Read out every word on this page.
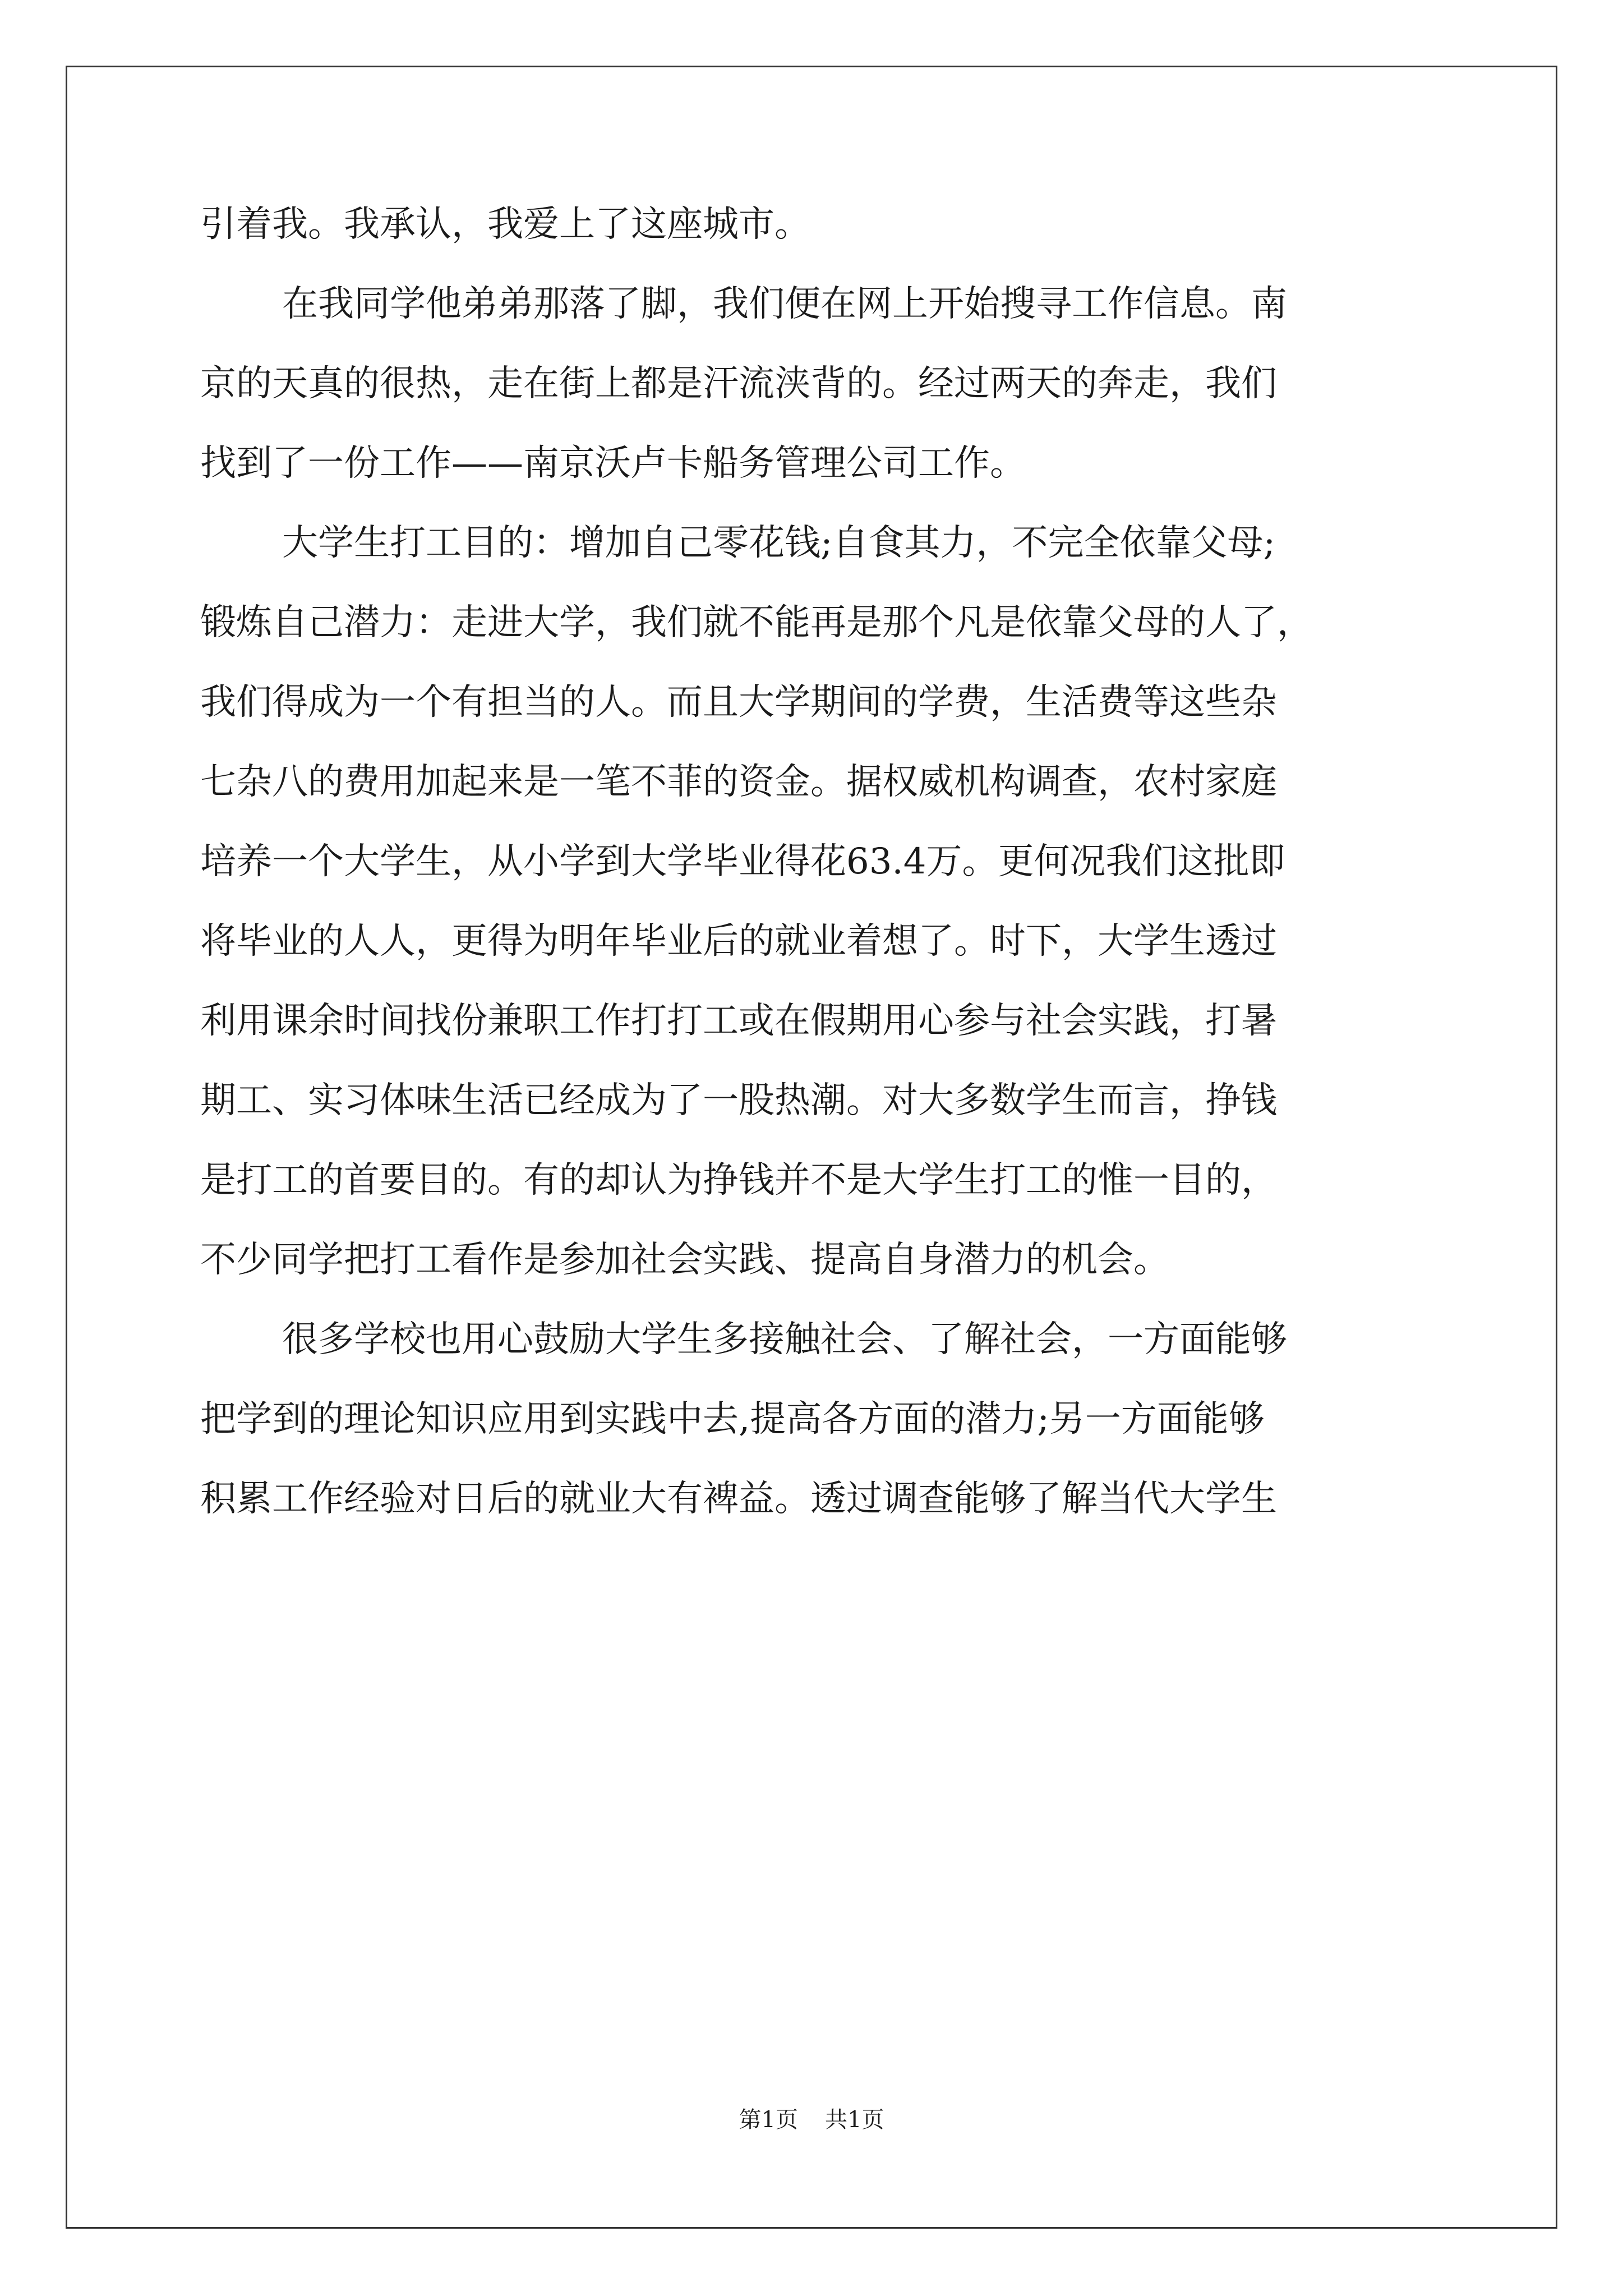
引着我。我承认，我爱上了这座城市。
在我同学他弟弟那落了脚，我们便在网上开始搜寻工作信息。南
京的天真的很热，走在街上都是汗流浃背的。经过两天的奔走，我们
找到了一份工作——南京沃卢卡船务管理公司工作。
大学生打工目的：增加自己零花钱;自食其力，不完全依靠父母;
锻炼自己潜力：走进大学，我们就不能再是那个凡是依靠父母的人了，
我们得成为一个有担当的人。而且大学期间的学费，生活费等这些杂
七杂八的费用加起来是一笔不菲的资金。据权威机构调查，农村家庭
培养一个大学生，从小学到大学毕业得花63.4万。更何况我们这批即
将毕业的人人，更得为明年毕业后的就业着想了。时下，大学生透过
利用课余时间找份兼职工作打打工或在假期用心参与社会实践，打暑
期工、实习体味生活已经成为了一股热潮。对大多数学生而言，挣钱
是打工的首要目的。有的却认为挣钱并不是大学生打工的惟一目的，
不少同学把打工看作是参加社会实践、提高自身潜力的机会。
很多学校也用心鼓励大学生多接触社会、了解社会，一方面能够
把学到的理论知识应用到实践中去,提高各方面的潜力;另一方面能够
积累工作经验对日后的就业大有裨益。透过调查能够了解当代大学生
第1页 共1页
